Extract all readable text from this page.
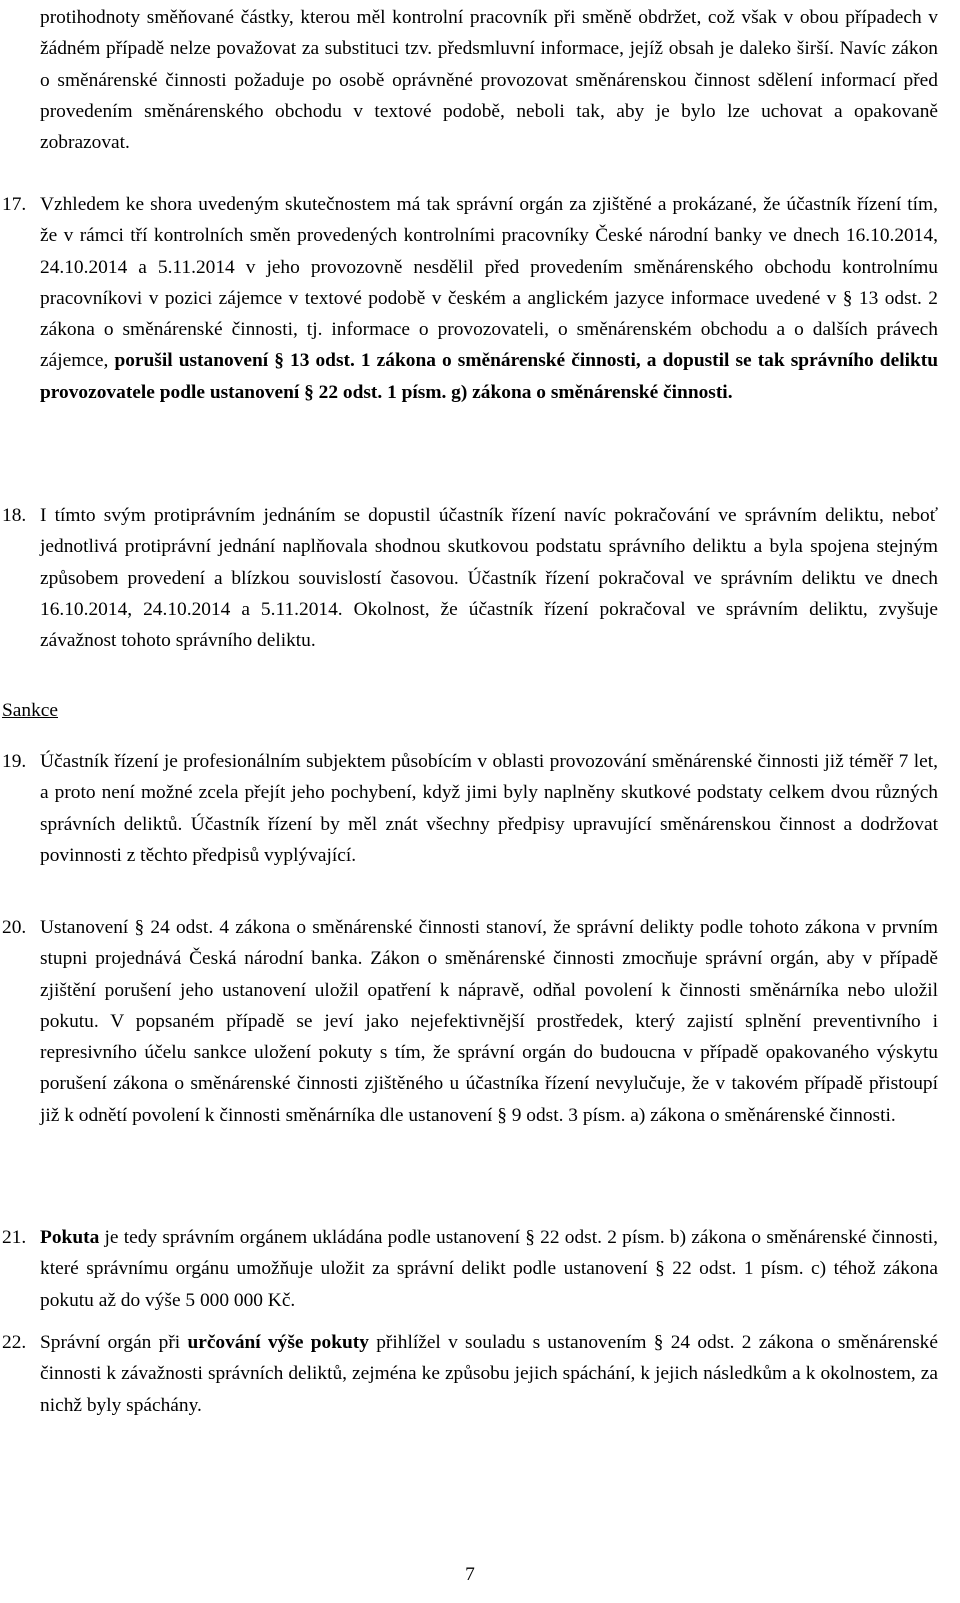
protihodnoty směňované částky, kterou měl kontrolní pracovník při směně obdržet, což však v obou případech v žádném případě nelze považovat za substituci tzv. předsmluvní informace, jejíž obsah je daleko širší. Navíc zákon o směnárenské činnosti požaduje po osobě oprávněné provozovat směnárenskou činnost sdělení informací před provedením směnárenského obchodu v textové podobě, neboli tak, aby je bylo lze uchovat a opakovaně zobrazovat.
17. Vzhledem ke shora uvedeným skutečnostem má tak správní orgán za zjištěné a prokázané, že účastník řízení tím, že v rámci tří kontrolních směn provedených kontrolními pracovníky České národní banky ve dnech 16.10.2014, 24.10.2014 a 5.11.2014 v jeho provozovně nesdělil před provedením směnárenského obchodu kontrolnímu pracovníkovi v pozici zájemce v textové podobě v českém a anglickém jazyce informace uvedené v § 13 odst. 2 zákona o směnárenské činnosti, tj. informace o provozovateli, o směnárenském obchodu a o dalších právech zájemce, porušil ustanovení § 13 odst. 1 zákona o směnárenské činnosti, a dopustil se tak správního deliktu provozovatele podle ustanovení § 22 odst. 1 písm. g) zákona o směnárenské činnosti.
18. I tímto svým protiprávním jednáním se dopustil účastník řízení navíc pokračování ve správním deliktu, neboť jednotlivá protiprávní jednání naplňovala shodnou skutkovou podstatu správního deliktu a byla spojena stejným způsobem provedení a blízkou souvislostí časovou. Účastník řízení pokračoval ve správním deliktu ve dnech 16.10.2014, 24.10.2014 a 5.11.2014. Okolnost, že účastník řízení pokračoval ve správním deliktu, zvyšuje závažnost tohoto správního deliktu.
Sankce
19. Účastník řízení je profesionálním subjektem působícím v oblasti provozování směnárenské činnosti již téměř 7 let, a proto není možné zcela přejít jeho pochybení, když jimi byly naplněny skutkové podstaty celkem dvou různých správních deliktů. Účastník řízení by měl znát všechny předpisy upravující směnárenskou činnost a dodržovat povinnosti z těchto předpisů vyplývající.
20. Ustanovení § 24 odst. 4 zákona o směnárenské činnosti stanoví, že správní delikty podle tohoto zákona v prvním stupni projednává Česká národní banka. Zákon o směnárenské činnosti zmocňuje správní orgán, aby v případě zjištění porušení jeho ustanovení uložil opatření k nápravě, odňal povolení k činnosti směnárníka nebo uložil pokutu. V popsaném případě se jeví jako nejefektivnější prostředek, který zajistí splnění preventivního i represivního účelu sankce uložení pokuty s tím, že správní orgán do budoucna v případě opakovaného výskytu porušení zákona o směnárenské činnosti zjištěného u účastníka řízení nevylučuje, že v takovém případě přistoupí již k odnětí povolení k činnosti směnárníka dle ustanovení § 9 odst. 3 písm. a) zákona o směnárenské činnosti.
21. Pokuta je tedy správním orgánem ukládána podle ustanovení § 22 odst. 2 písm. b) zákona o směnárenské činnosti, které správnímu orgánu umožňuje uložit za správní delikt podle ustanovení § 22 odst. 1 písm. c) téhož zákona pokutu až do výše 5 000 000 Kč.
22. Správní orgán při určování výše pokuty přihlížel v souladu s ustanovením § 24 odst. 2 zákona o směnárenské činnosti k závažnosti správních deliktů, zejména ke způsobu jejich spáchání, k jejich následkům a k okolnostem, za nichž byly spáchány.
7
